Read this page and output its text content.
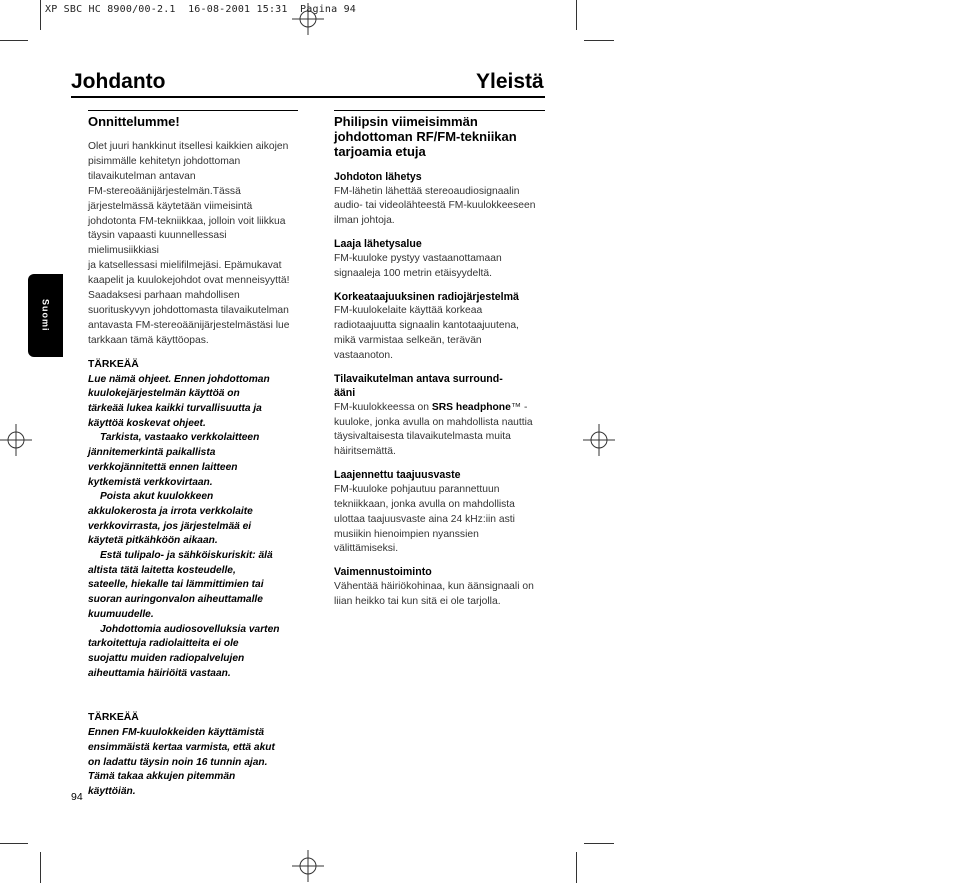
XP SBC HC 8900/00-2.1  16-08-2001 15:31  Pagina 94
Johdanto	Yleistä
Suomi
Onnittelumme!
Olet juuri hankkinut itsellesi kaikkien aikojen
pisimmälle kehitetyn johdottoman
tilavaikutelman antavan
FM-stereoäänijärjestelmän.Tässä
järjestelmässä käytetään viimeisintä
johdotonta FM-tekniikkaa, jolloin voit liikkua
täysin vapaasti kuunnellessasi mielimusiikkiasi
ja katsellessasi mielifilmejäsi. Epämukavat
kaapelit ja kuulokejohdot ovat menneisyyttä!
Saadaksesi parhaan mahdollisen
suorituskyvyn johdottomasta tilavaikutelman
antavasta FM-stereoäänijärjestelmästäsi lue
tarkkaan tämä käyttöopas.
TÄRKEÄÄ
Lue nämä ohjeet. Ennen johdottoman
kuulokejärjestelmän käyttöä on
tärkeää lukea kaikki turvallisuutta ja
käyttöä koskevat ohjeet.
Tarkista, vastaako verkkolaitteen
jännitemerkintä paikallista
verkkojännitettä ennen laitteen
kytkemistä verkkovirtaan.
Poista akut kuulokkeen
akkulokerosta ja irrota verkkolaite
verkkovirrasta, jos järjestelmää ei
käytetä pitkähköön aikaan.
Estä tulipalo- ja sähköiskuriskit: älä
altista tätä laitetta kosteudelle,
sateelle, hiekalle tai lämmittimien tai
suoran auringonvalon aiheuttamalle
kuumuudelle.
Johdottomia audiosovelluksia varten
tarkoitettuja radiolaitteita ei ole
suojattu muiden radiopalvelujen
aiheuttamia häiriöitä vastaan.
TÄRKEÄÄ
Ennen FM-kuulokkeiden käyttämistä
ensimmäistä kertaa varmista, että akut
on ladattu täysin noin 16 tunnin ajan.
Tämä takaa akkujen pitemmän
käyttöiän.
Philipsin viimeisimmän
johdottoman RF/FM-tekniikan
tarjoamia etuja
Johdoton lähetys
FM-lähetin lähettää stereoaudiosignaalin
audio- tai videolähteestä FM-kuulokkeeseen
ilman johtoja.
Laaja lähetysalue
FM-kuuloke pystyy vastaanottamaan
signaaleja 100 metrin etäisyydeltä.
Korkeataajuuksinen radiojärjestelmä
FM-kuulokelaite käyttää korkeaa
radiotaajuutta signaalin kantotaajuutena,
mikä varmistaa selkeän, terävän
vastaanoton.
Tilavaikutelman antava surround-
ääni
FM-kuulokkeessa on SRS headphone™ -
kuuloke, jonka avulla on mahdollista nauttia
täysivaltaisesta tilavaikutelmasta muita
häiritsemättä.
Laajennettu taajuusvaste
FM-kuuloke pohjautuu parannettuun
tekniikkaan, jonka avulla on mahdollista
ulottaa taajuusvaste aina 24 kHz:iin asti
musiikin hienoimpien nyanssien
välittämiseksi.
Vaimennustoiminto
Vähentää häiriökohinaa, kun äänsignaali on
liian heikko tai kun sitä ei ole tarjolla.
94
